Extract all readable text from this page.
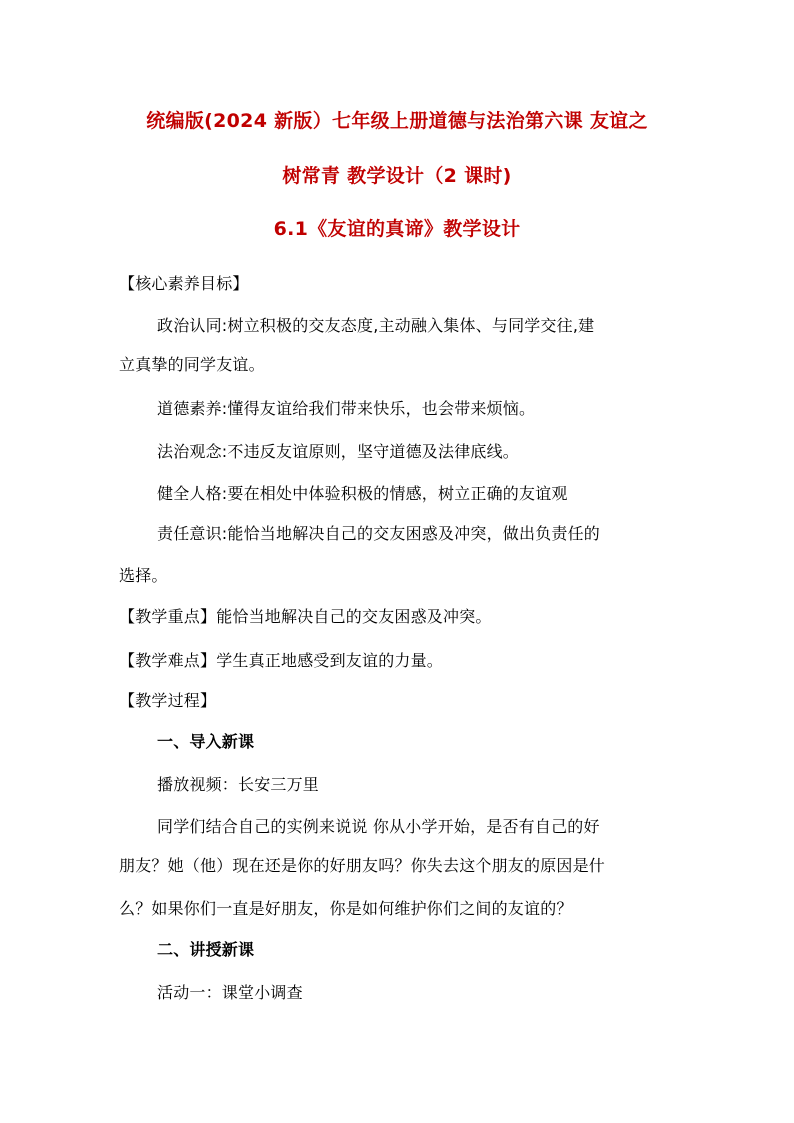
统编版(2024 新版）七年级上册道德与法治第六课 友谊之
树常青 教学设计（2 课时)
6.1《友谊的真谛》教学设计
【核心素养目标】
政治认同:树立积极的交友态度,主动融入集体、与同学交往,建
立真挚的同学友谊。
道德素养:懂得友谊给我们带来快乐，也会带来烦恼。
法治观念:不违反友谊原则，坚守道德及法律底线。
健全人格:要在相处中体验积极的情感，树立正确的友谊观
责任意识:能恰当地解决自己的交友困惑及冲突，做出负责任的
选择。
【教学重点】能恰当地解决自己的交友困惑及冲突。
【教学难点】学生真正地感受到友谊的力量。
【教学过程】
一、导入新课
播放视频：长安三万里
同学们结合自己的实例来说说 你从小学开始，是否有自己的好
朋友？她（他）现在还是你的好朋友吗？你失去这个朋友的原因是什
么？如果你们一直是好朋友，你是如何维护你们之间的友谊的？
二、讲授新课
活动一：课堂小调查
